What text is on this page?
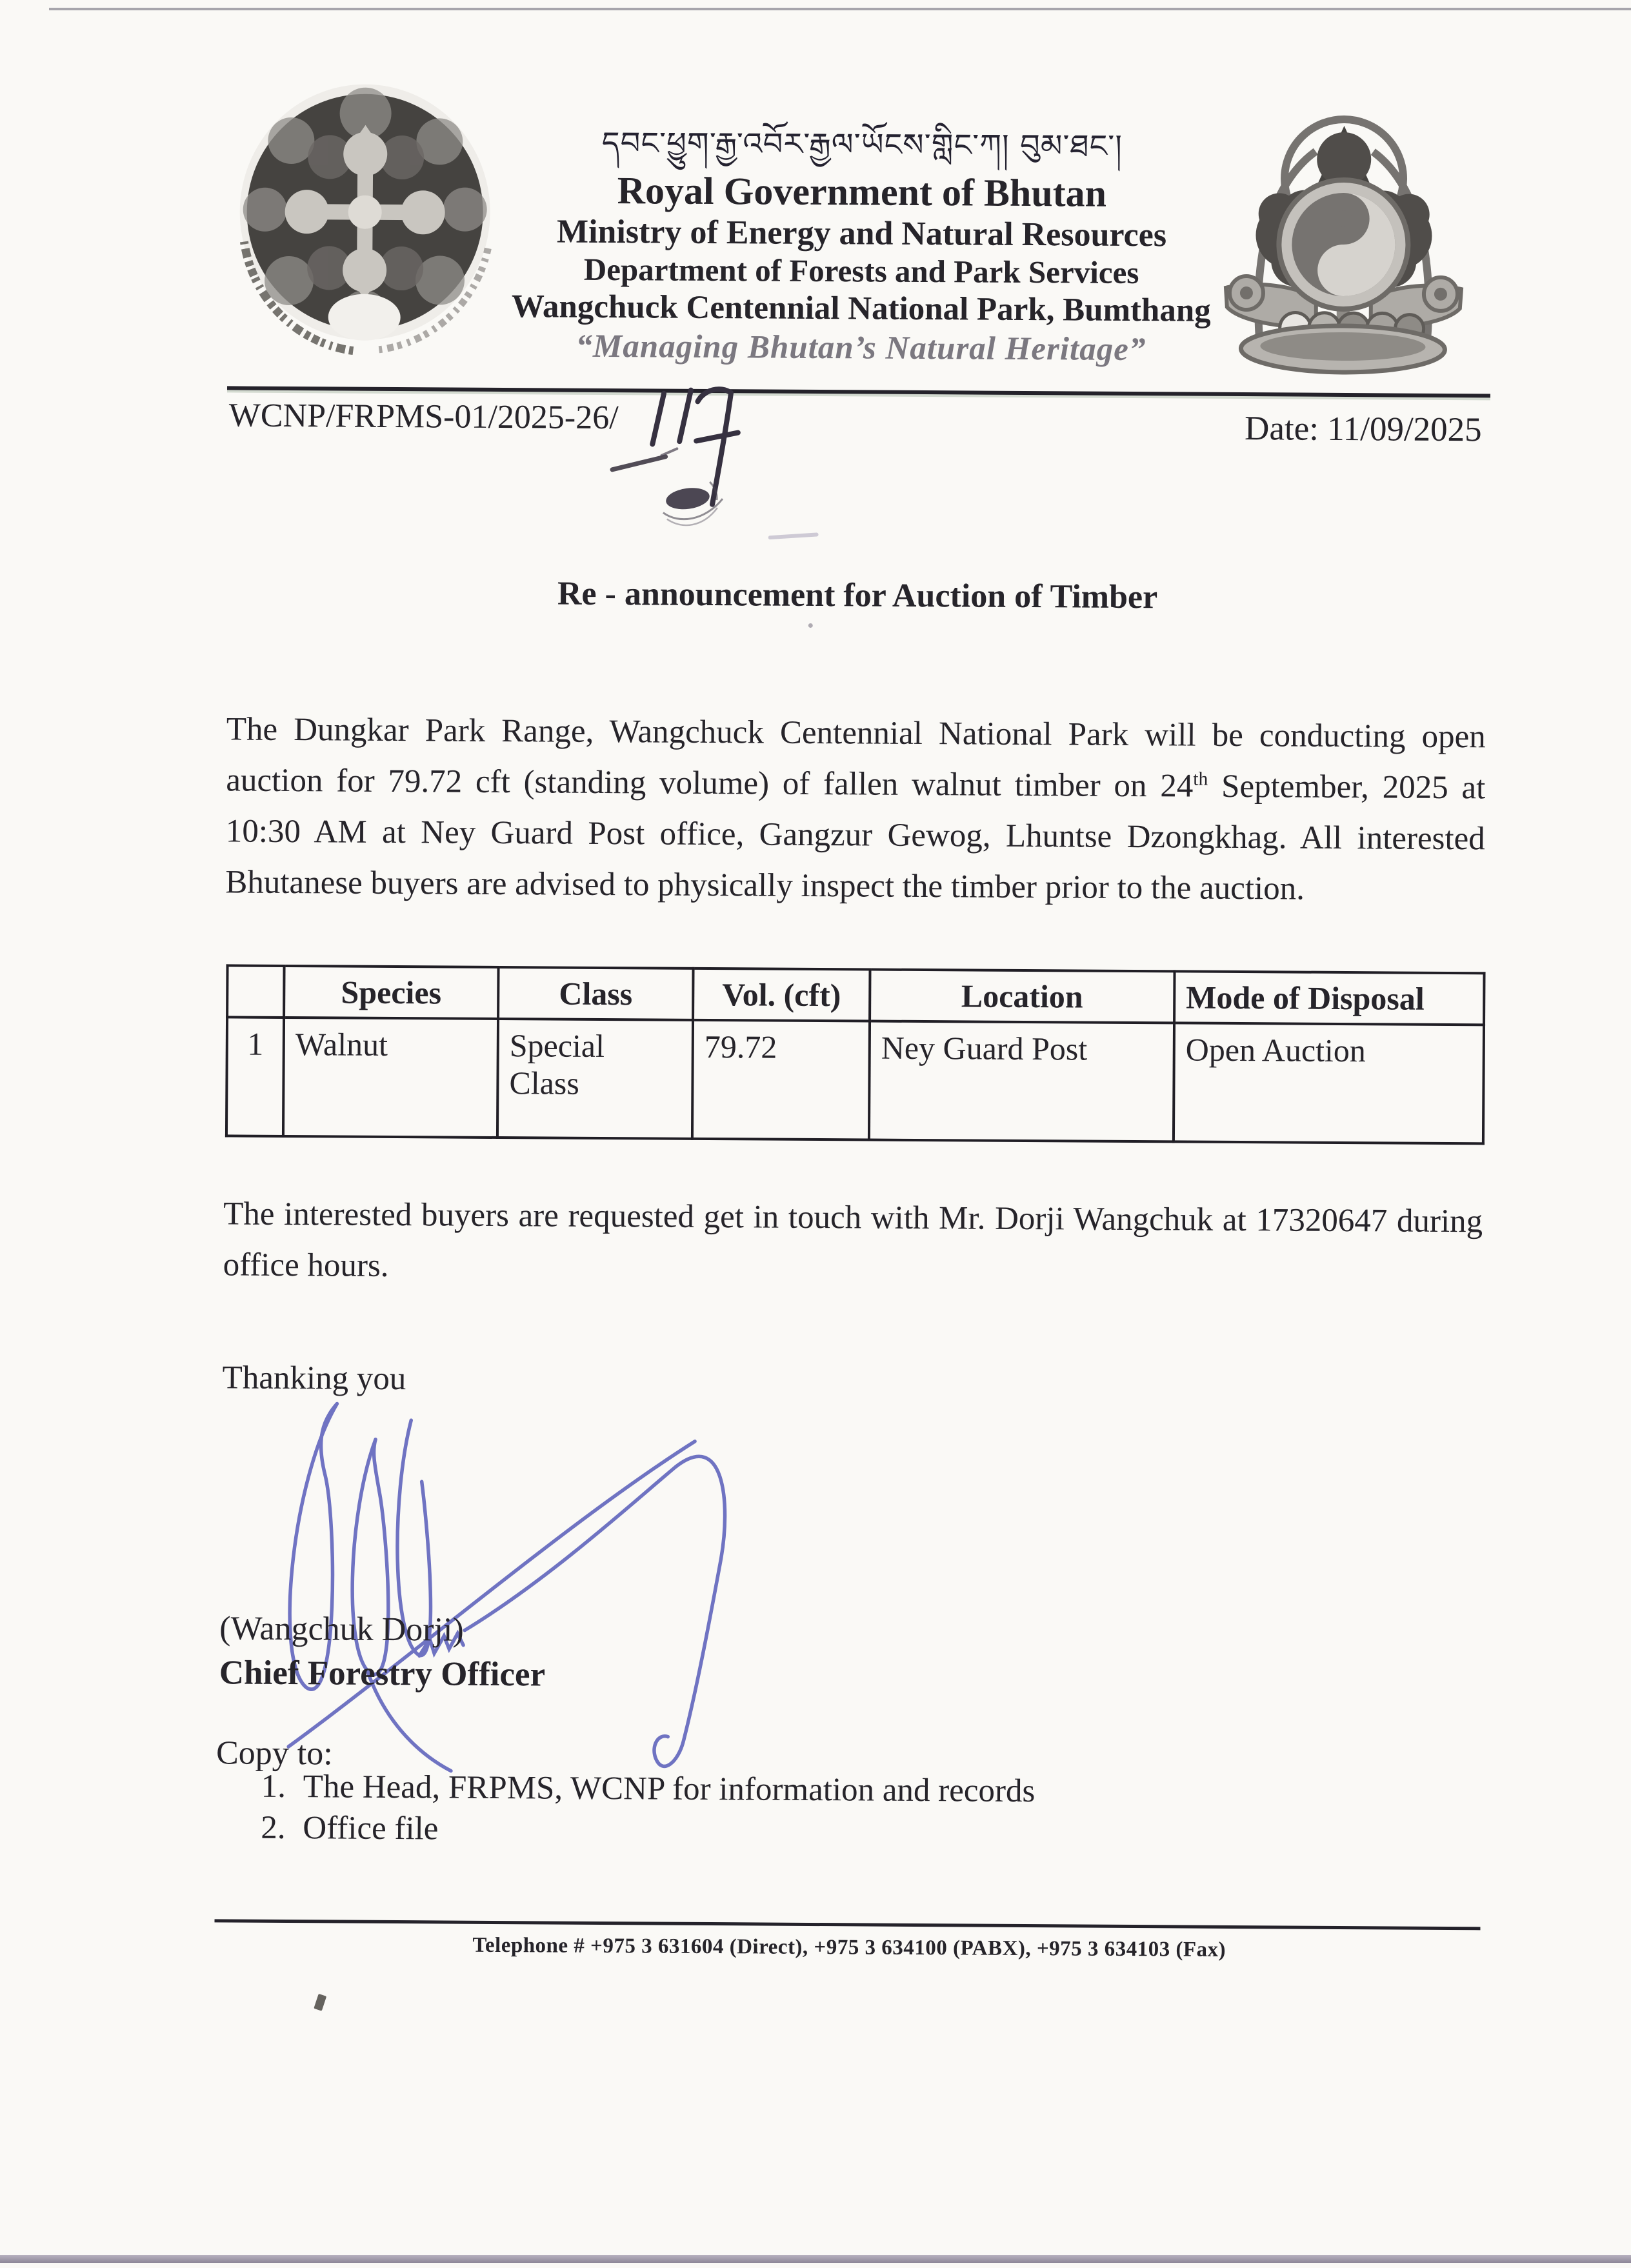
དབང་ཕྱུག་རྒྱ་འབོར་རྒྱལ་ཡོངས་གླིང་ཀ། བུམ་ཐང་།
Royal Government of Bhutan
Ministry of Energy and Natural Resources
Department of Forests and Park Services
Wangchuck Centennial National Park, Bumthang
“Managing Bhutan’s Natural Heritage”
WCNP/FRPMS-01/2025-26/	Date: 11/09/2025
Re - announcement for Auction of Timber
The Dungkar Park Range, Wangchuck Centennial National Park will be conducting open auction for 79.72 cft (standing volume) of fallen walnut timber on 24th September, 2025 at 10:30 AM at Ney Guard Post office, Gangzur Gewog, Lhuntse Dzongkhag. All interested Bhutanese buyers are advised to physically inspect the timber prior to the auction.
	Species	Class	Vol. (cft)	Location	Mode of Disposal
1	Walnut	Special Class	79.72	Ney Guard Post	Open Auction
The interested buyers are requested get in touch with Mr. Dorji Wangchuk at 17320647 during office hours.
Thanking you
(Wangchuk Dorji)
Chief Forestry Officer
Copy to:
1. The Head, FRPMS, WCNP for information and records
2. Office file
Telephone # +975 3 631604 (Direct), +975 3 634100 (PABX), +975 3 634103 (Fax)
